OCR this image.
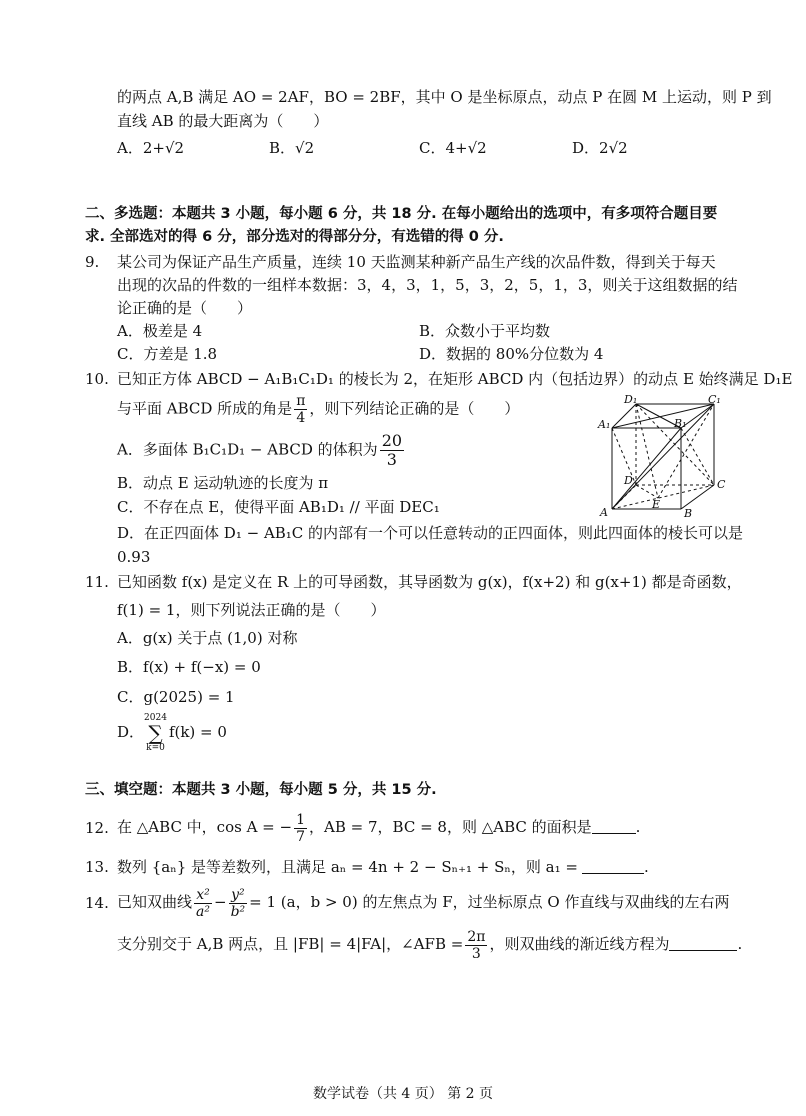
的两点 A,B 满足 AO = 2AF，BO = 2BF，其中 O 是坐标原点，动点 P 在圆 M 上运动，则 P 到
直线 AB 的最大距离为（　　）
A．2+√2	B．√2	C．4+√2	D．2√2
二、多选题：本题共 3 小题，每小题 6 分，共 18 分. 在每小题给出的选项中，有多项符合题目要
求. 全部选对的得 6 分，部分选对的得部分分，有选错的得 0 分.
9. 某公司为保证产品生产质量，连续 10 天监测某种新产品生产线的次品件数，得到关于每天
出现的次品的件数的一组样本数据：3，4，3，1，5，3，2，5，1，3，则关于这组数据的结
论正确的是（　　）
A．极差是 4	B．众数小于平均数
C．方差是 1.8	D．数据的 80%分位数为 4
10. 已知正方体 ABCD − A₁B₁C₁D₁ 的棱长为 2，在矩形 ABCD 内（包括边界）的动点 E 始终满足 D₁E
与平面 ABCD 所成的角是 $\frac{\pi}{4}$ ，则下列结论正确的是（　　）
A．多面体 B₁C₁D₁ − ABCD 的体积为 $\frac{20}{3}$
B．动点 E 运动轨迹的长度为 π
C．不存在点 E，使得平面 AB₁D₁ // 平面 DEC₁
D．在正四面体 D₁ − AB₁C 的内部有一个可以任意转动的正四面体，则此四面体的棱长可以是
0.93
D₁	C₁
A₁	B₁
D	C
A	B
E
11. 已知函数 f(x) 是定义在 R 上的可导函数，其导函数为 g(x)，f(x+2) 和 g(x+1) 都是奇函数，
f(1) = 1，则下列说法正确的是（　　）
A．g(x) 关于点 (1,0) 对称
B．f(x) + f(−x) = 0
C．g(2025) = 1
D．2024
∑
k=0f(k) = 0
三、填空题：本题共 3 小题，每小题 5 分，共 15 分.
12. 在 △ABC 中，cos A = − $\frac{1}{7}$ ，AB = 7，BC = 8，则 △ABC 的面积是	.
13. 数列 {aₙ} 是等差数列，且满足 aₙ = 4n + 2 − Sₙ₊₁ + Sₙ，则 a₁ =	.
14. 已知双曲线 $\frac{\text{x²}}{\text{a²}} - \frac{\text{y²}}{\text{b²}} = 1$ (a，b > 0) 的左焦点为 F，过坐标原点 O 作直线与双曲线的左右两
支分别交于 A,B 两点，且 |FB| = 4|FA|，∠AFB = $\frac{2\pi}{3}$ ，则双曲线的渐近线方程为	.
数学试卷（共 4 页） 第 2 页
